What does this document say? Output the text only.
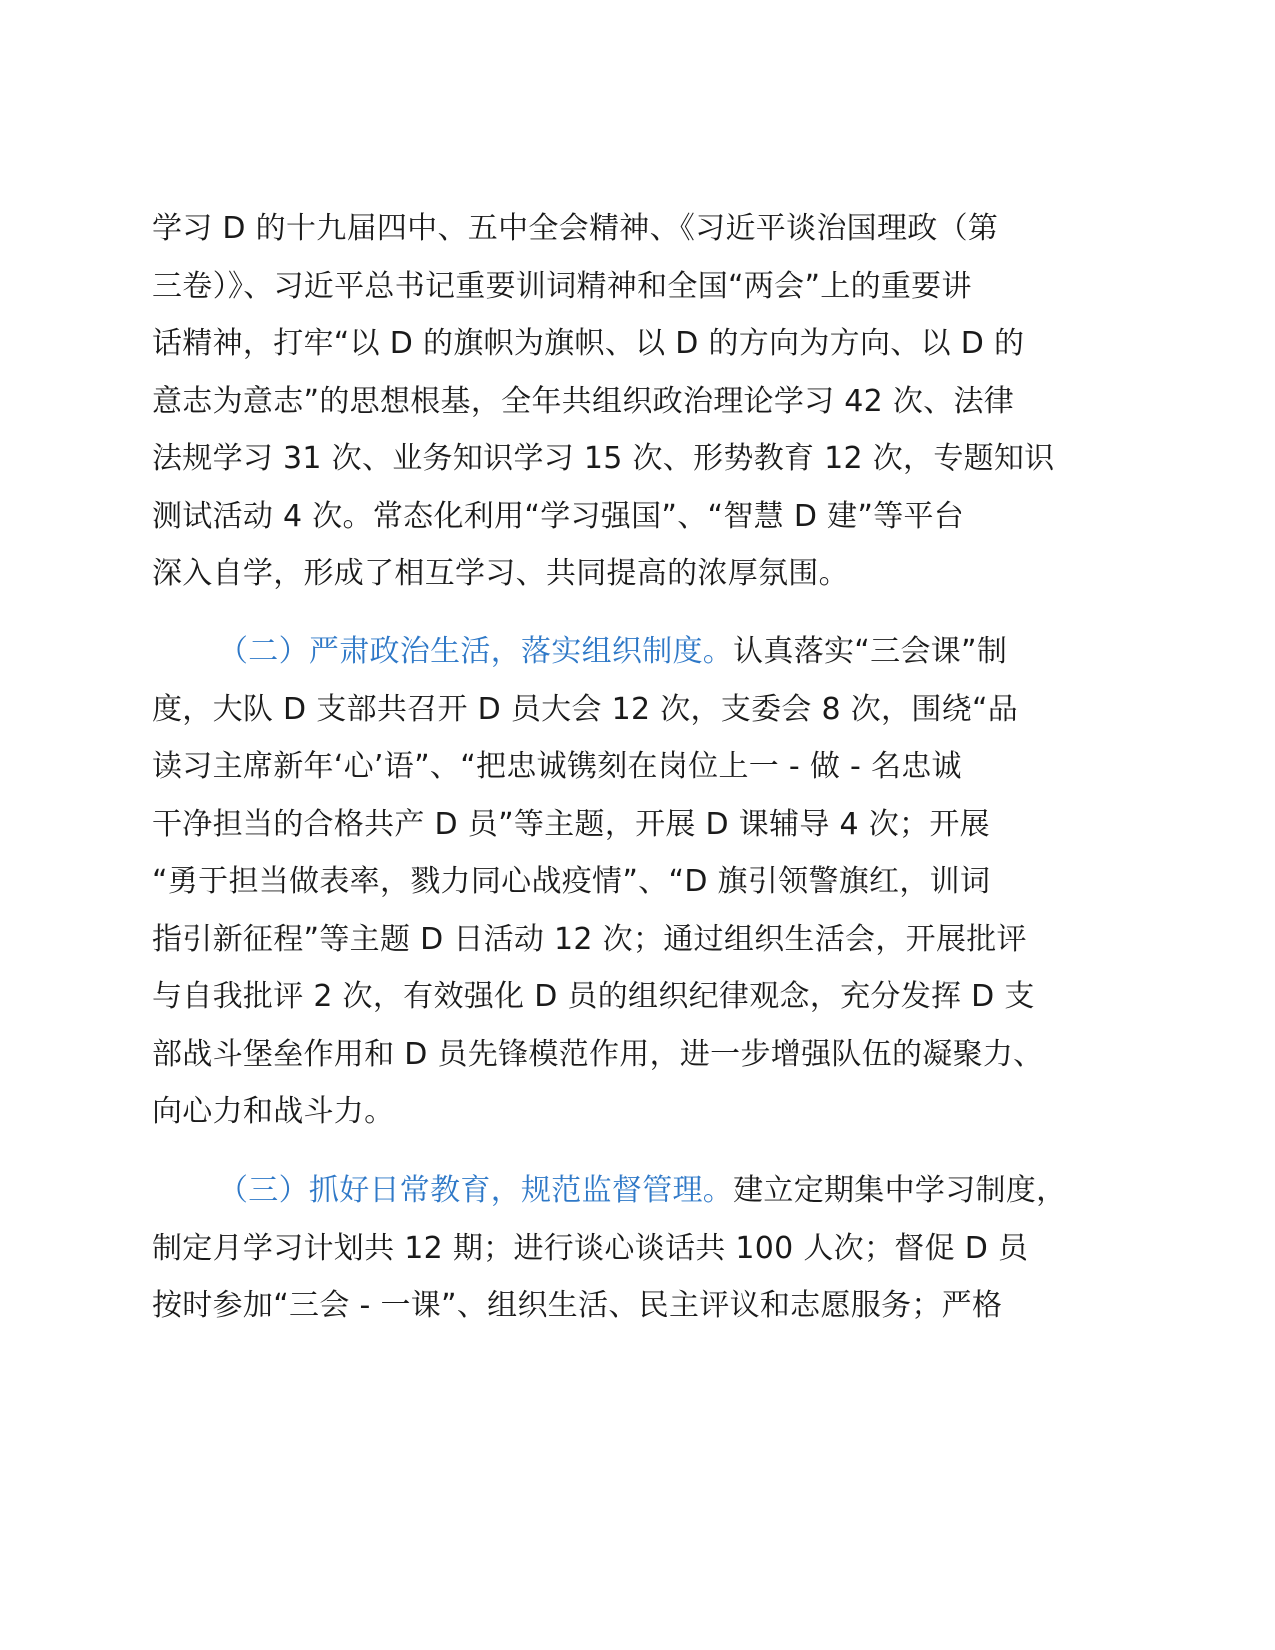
学习 D 的十九届四中、五中全会精神、《习近平谈治国理政（第
三卷）》、习近平总书记重要训词精神和全国“两会”上的重要讲
话精神，打牢“以 D 的旗帜为旗帜、以 D 的方向为方向、以 D 的
意志为意志”的思想根基，全年共组织政治理论学习 42 次、法律
法规学习 31 次、业务知识学习 15 次、形势教育 12 次，专题知识
测试活动 4 次。常态化利用“学习强国”、“智慧 D 建”等平台
深入自学，形成了相互学习、共同提高的浓厚氛围。
（二）严肃政治生活，落实组织制度。认真落实“三会课”制
度，大队 D 支部共召开 D 员大会 12 次，支委会 8 次，围绕“品
读习主席新年‘心’语”、“把忠诚镌刻在岗位上一 - 做 - 名忠诚
干净担当的合格共产 D 员”等主题，开展 D 课辅导 4 次；开展
“勇于担当做表率，戮力同心战疫情”、“D 旗引领警旗红，训词
指引新征程”等主题 D 日活动 12 次；通过组织生活会，开展批评
与自我批评 2 次，有效强化 D 员的组织纪律观念，充分发挥 D 支
部战斗堡垒作用和 D 员先锋模范作用，进一步增强队伍的凝聚力、
向心力和战斗力。
（三）抓好日常教育，规范监督管理。建立定期集中学习制度，
制定月学习计划共 12 期；进行谈心谈话共 100 人次；督促 D 员
按时参加“三会 - 一课”、组织生活、民主评议和志愿服务；严格
